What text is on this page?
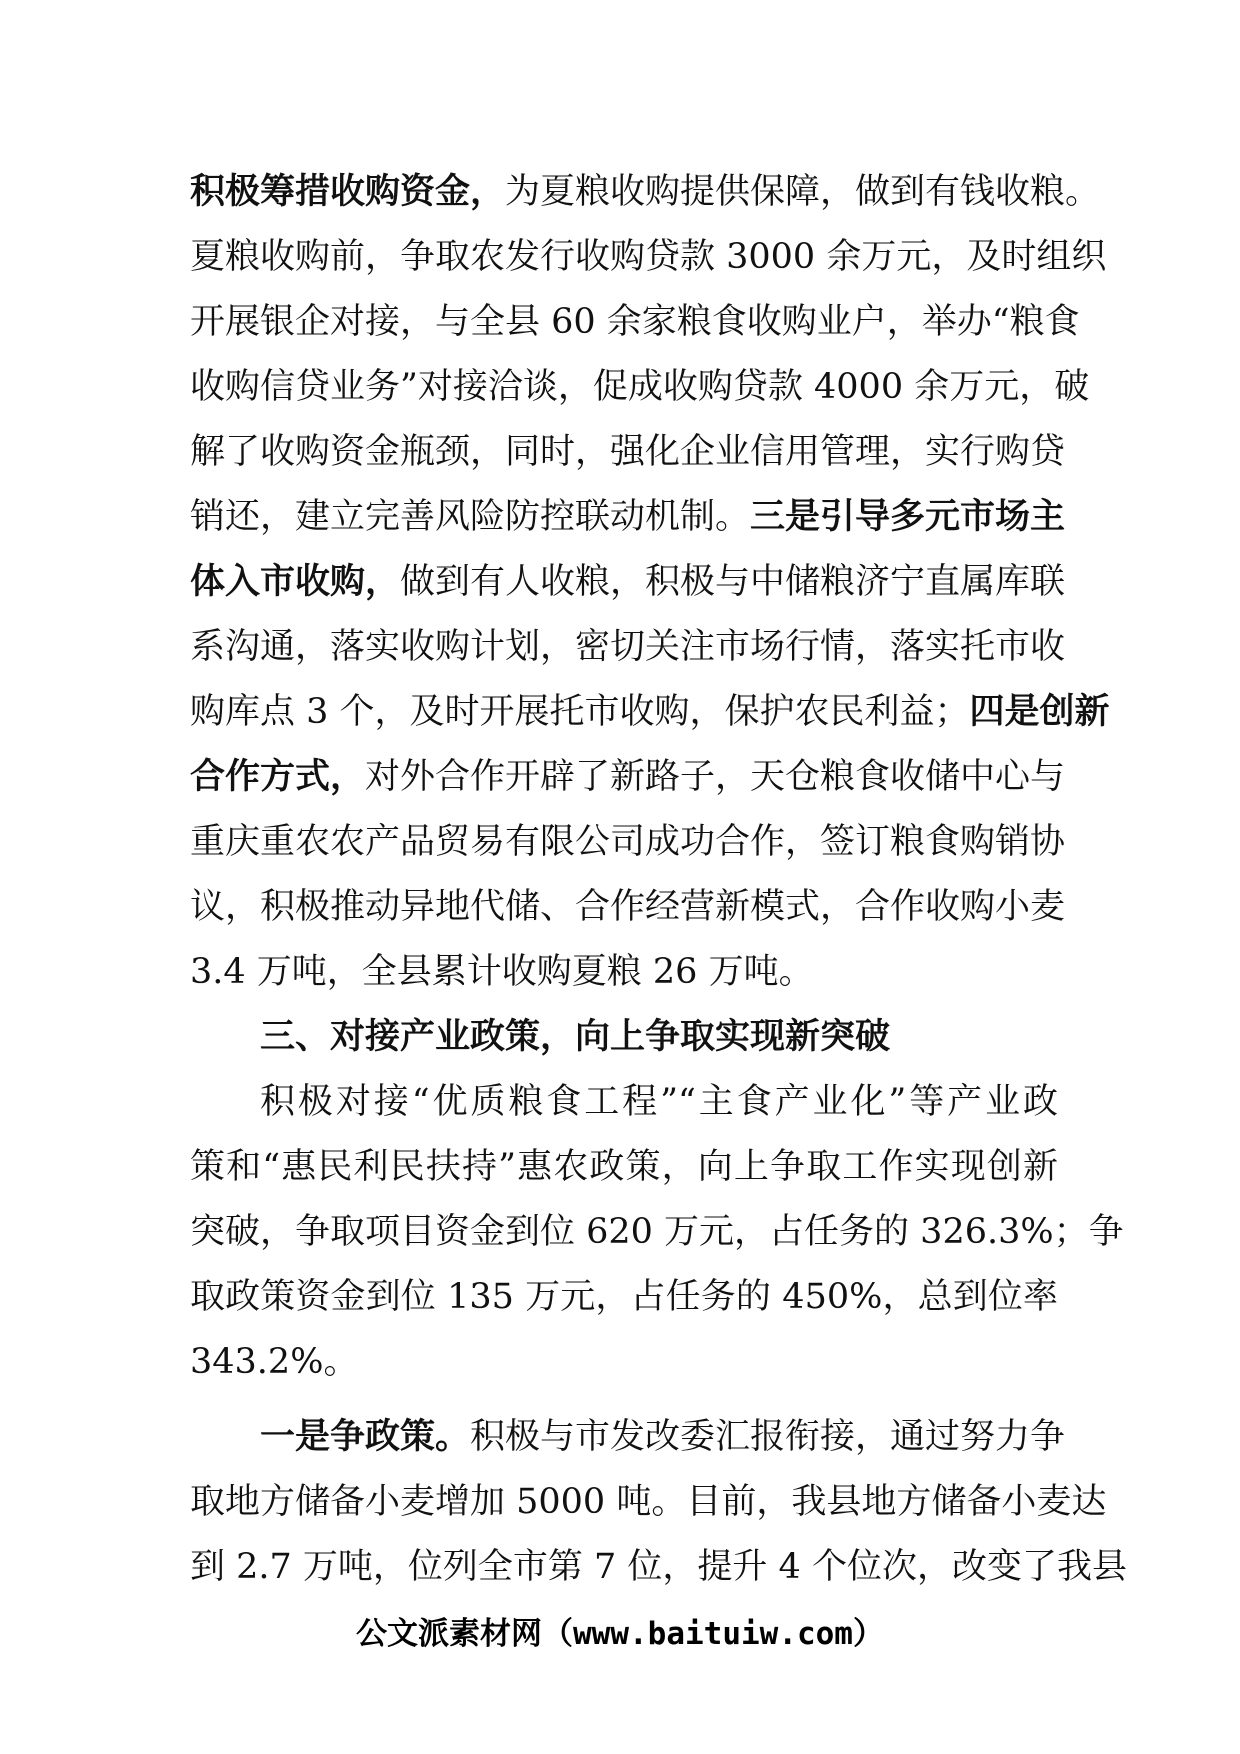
积极筹措收购资金，为夏粮收购提供保障，做到有钱收粮。
夏粮收购前，争取农发行收购贷款 3000 余万元，及时组织
开展银企对接，与全县 60 余家粮食收购业户，举办“粮食
收购信贷业务”对接洽谈，促成收购贷款 4000 余万元，破
解了收购资金瓶颈，同时，强化企业信用管理，实行购贷
销还，建立完善风险防控联动机制。三是引导多元市场主
体入市收购，做到有人收粮，积极与中储粮济宁直属库联
系沟通，落实收购计划，密切关注市场行情，落实托市收
购库点 3 个，及时开展托市收购，保护农民利益；四是创新
合作方式，对外合作开辟了新路子，天仓粮食收储中心与
重庆重农农产品贸易有限公司成功合作，签订粮食购销协
议，积极推动异地代储、合作经营新模式，合作收购小麦
3.4 万吨，全县累计收购夏粮 26 万吨。
三、对接产业政策，向上争取实现新突破
积极对接“优质粮食工程”“主食产业化”等产业政
策和“惠民利民扶持”惠农政策，向上争取工作实现创新
突破，争取项目资金到位 620 万元，占任务的 326.3%；争
取政策资金到位 135 万元，占任务的 450%，总到位率
343.2%。
一是争政策。积极与市发改委汇报衔接，通过努力争
取地方储备小麦增加 5000 吨。目前，我县地方储备小麦达
到 2.7 万吨，位列全市第 7 位，提升 4 个位次，改变了我县
公文派素材网（www.baituiw.com）
